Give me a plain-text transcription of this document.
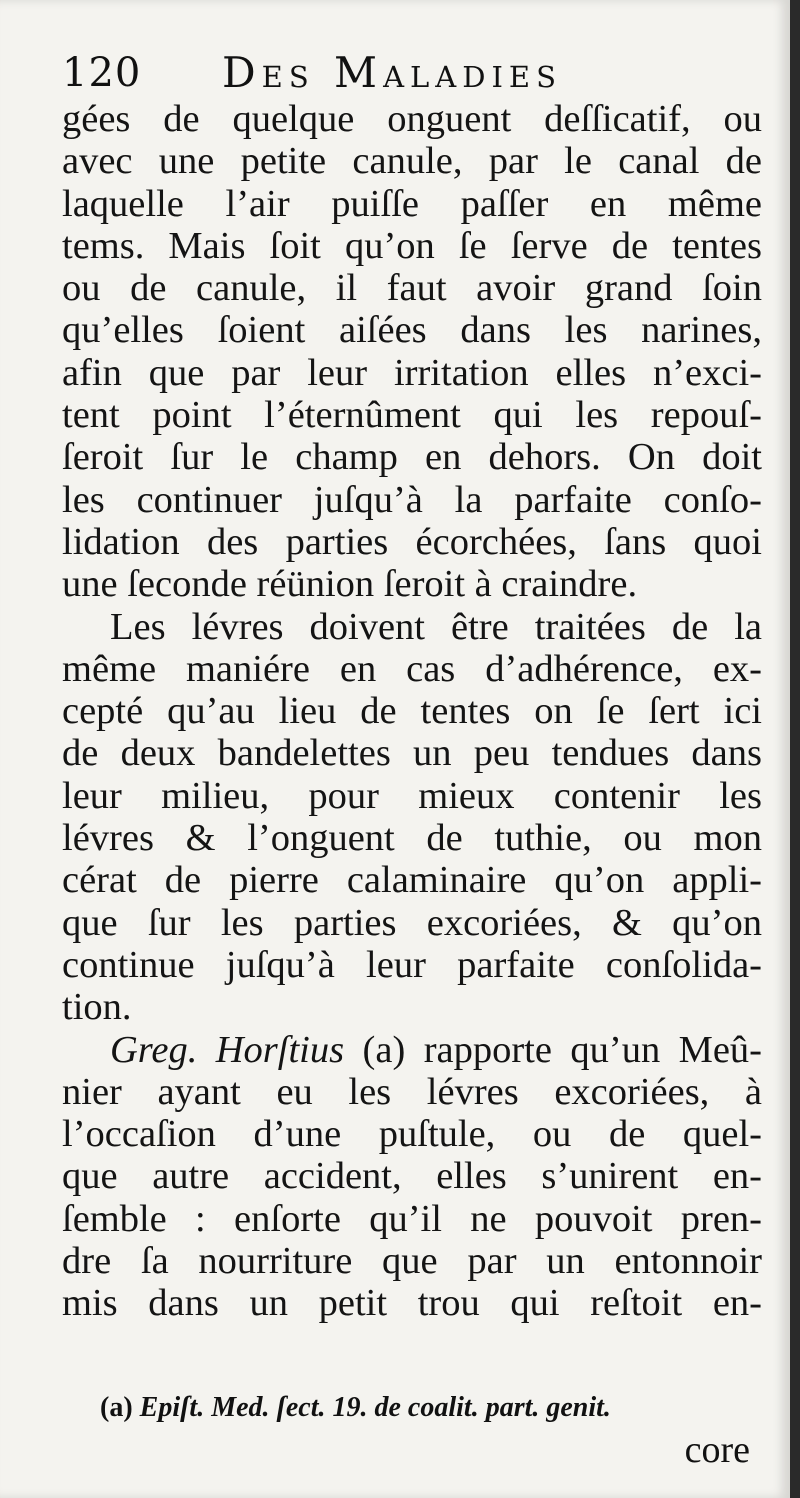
120 Des Maladies
gées de quelque onguent deſſicatif, ou
avec une petite canule, par le canal de
laquelle l’air puiſſe paſſer en même
tems. Mais ſoit qu’on ſe ſerve de tentes
ou de canule, il faut avoir grand ſoin
qu’elles ſoient aiſées dans les narines,
afin que par leur irritation elles n’exci-
tent point l’éternûment qui les repouſ-
ſeroit ſur le champ en dehors. On doit
les continuer juſqu’à la parfaite conſo-
lidation des parties écorchées, ſans quoi
une ſeconde réünion ſeroit à craindre.
Les lévres doivent être traitées de la
même maniére en cas d’adhérence, ex-
cepté qu’au lieu de tentes on ſe ſert ici
de deux bandelettes un peu tendues dans
leur milieu, pour mieux contenir les
lévres & l’onguent de tuthie, ou mon
cérat de pierre calaminaire qu’on appli-
que ſur les parties excoriées, & qu’on
continue juſqu’à leur parfaite conſolida-
tion.
Greg. Horſtius (a) rapporte qu’un Meû-
nier ayant eu les lévres excoriées, à
l’occaſion d’une puſtule, ou de quel-
que autre accident, elles s’unirent en-
ſemble : enſorte qu’il ne pouvoit pren-
dre ſa nourriture que par un entonnoir
mis dans un petit trou qui reſtoit en-
(a) Epiſt. Med. ſect. 19. de coalit. part. genit.
core
